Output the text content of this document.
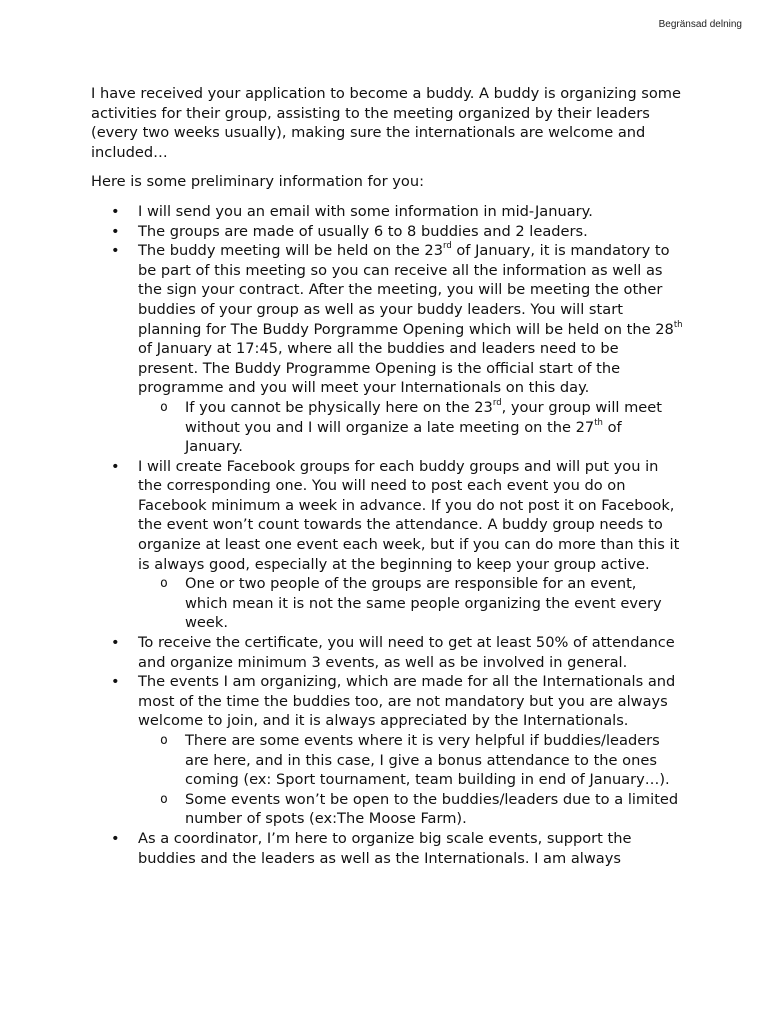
Begränsad delning

I have received your application to become a buddy. A buddy is organizing some activities for their group, assisting to the meeting organized by their leaders (every two weeks usually), making sure the internationals are welcome and included…

Here is some preliminary information for you:

• I will send you an email with some information in mid-January.
• The groups are made of usually 6 to 8 buddies and 2 leaders.
• The buddy meeting will be held on the 23rd of January, it is mandatory to be part of this meeting so you can receive all the information as well as the sign your contract. After the meeting, you will be meeting the other buddies of your group as well as your buddy leaders. You will start planning for The Buddy Porgramme Opening which will be held on the 28th of January at 17:45, where all the buddies and leaders need to be present. The Buddy Programme Opening is the official start of the programme and you will meet your Internationals on this day.
o If you cannot be physically here on the 23rd, your group will meet without you and I will organize a late meeting on the 27th of January.
• I will create Facebook groups for each buddy groups and will put you in the corresponding one. You will need to post each event you do on Facebook minimum a week in advance. If you do not post it on Facebook, the event won’t count towards the attendance. A buddy group needs to organize at least one event each week, but if you can do more than this it is always good, especially at the beginning to keep your group active.
o One or two people of the groups are responsible for an event, which mean it is not the same people organizing the event every week.
• To receive the certificate, you will need to get at least 50% of attendance and organize minimum 3 events, as well as be involved in general.
• The events I am organizing, which are made for all the Internationals and most of the time the buddies too, are not mandatory but you are always welcome to join, and it is always appreciated by the Internationals.
o There are some events where it is very helpful if buddies/leaders are here, and in this case, I give a bonus attendance to the ones coming (ex: Sport tournament, team building in end of January…).
o Some events won’t be open to the buddies/leaders due to a limited number of spots (ex:The Moose Farm).
• As a coordinator, I’m here to organize big scale events, support the buddies and the leaders as well as the Internationals. I am always
